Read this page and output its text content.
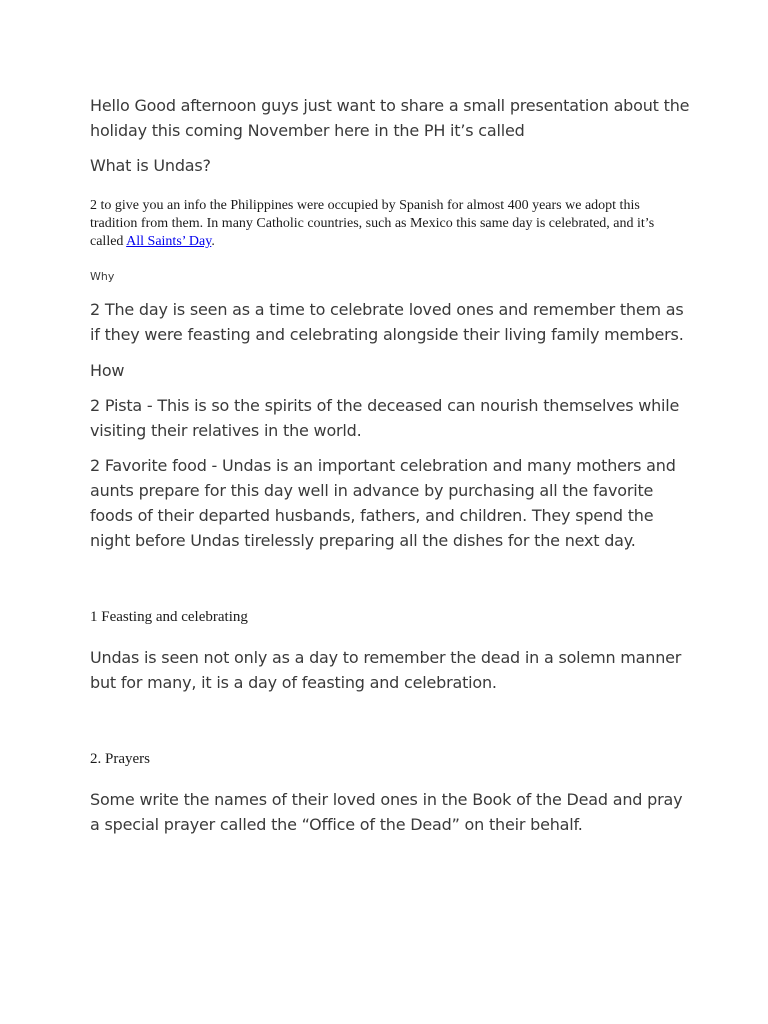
Hello Good afternoon guys just want to share a small presentation about the holiday this coming November here in the PH it’s called

What is Undas?

2 to give you an info the Philippines were occupied by Spanish for almost 400 years we adopt this tradition from them. In many Catholic countries, such as Mexico this same day is celebrated, and it’s called All Saints’ Day.

Why

2 The day is seen as a time to celebrate loved ones and remember them as if they were feasting and celebrating alongside their living family members.

How

2 Pista - This is so the spirits of the deceased can nourish themselves while visiting their relatives in the world.

2 Favorite food - Undas is an important celebration and many mothers and aunts prepare for this day well in advance by purchasing all the favorite foods of their departed husbands, fathers, and children. They spend the night before Undas tirelessly preparing all the dishes for the next day.

1 Feasting and celebrating

Undas is seen not only as a day to remember the dead in a solemn manner but for many, it is a day of feasting and celebration.

2. Prayers

Some write the names of their loved ones in the Book of the Dead and pray a special prayer called the “Office of the Dead” on their behalf.
